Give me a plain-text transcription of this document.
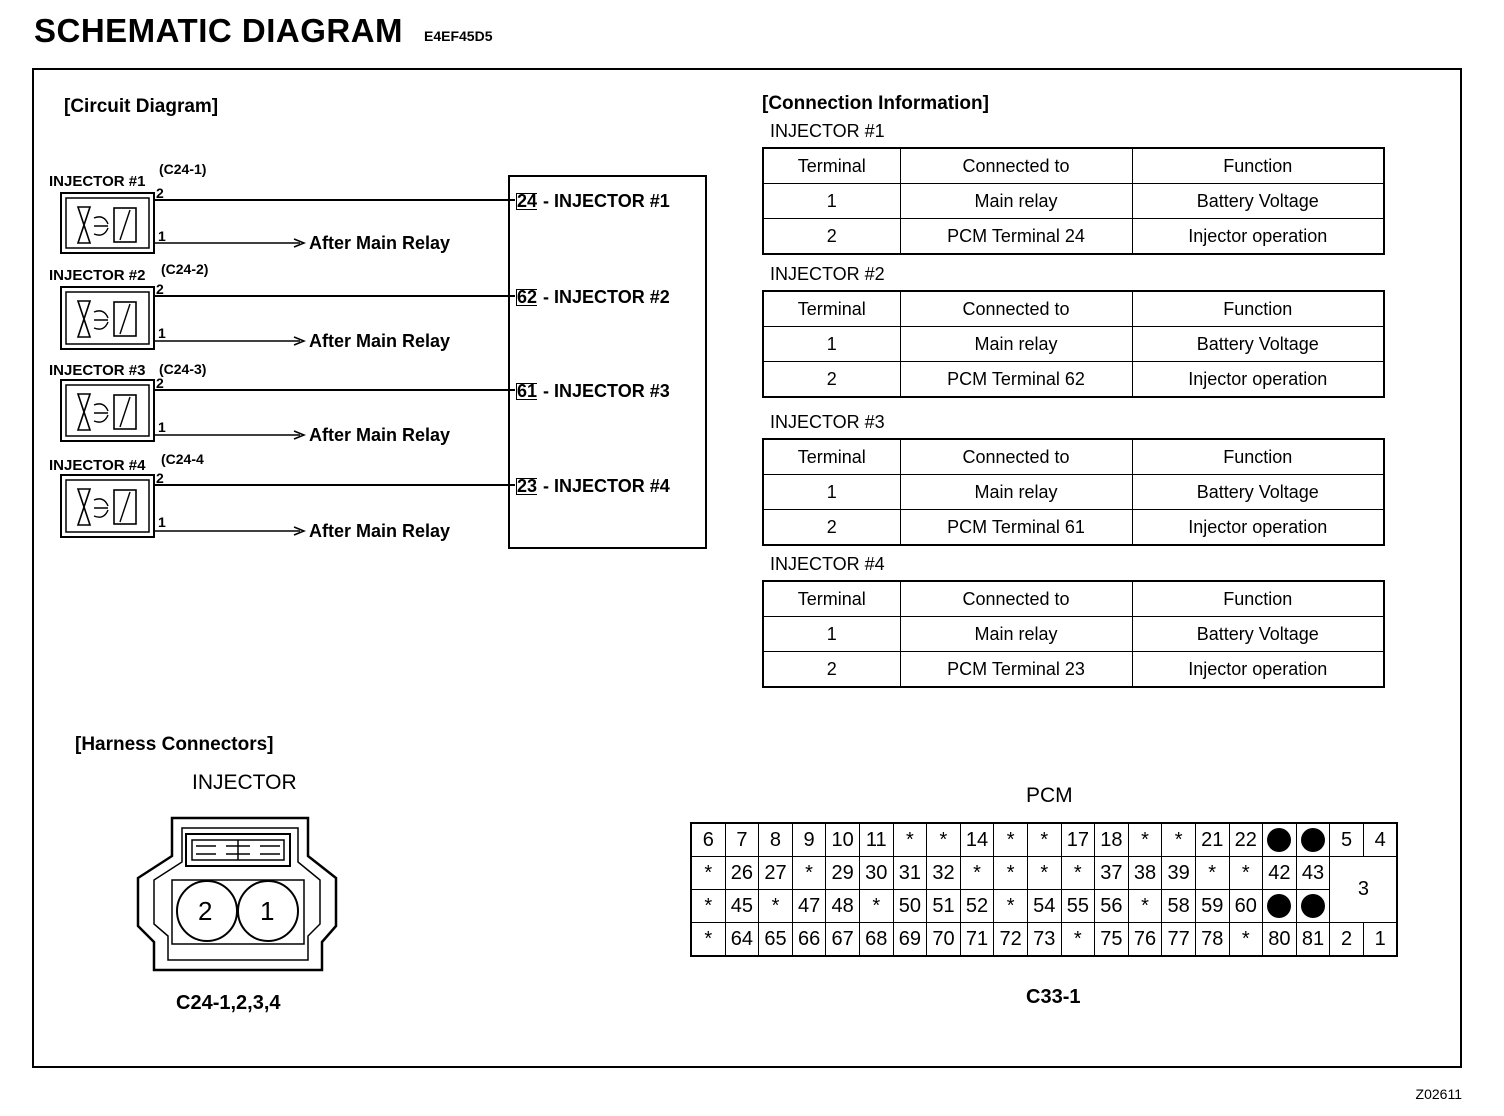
SCHEMATIC DIAGRAM E4EF45D5
[Circuit Diagram]
INJECTOR #1
(C24-1)
2
1	After Main Relay
24 - INJECTOR #1
INJECTOR #2 (C24-2)
2
1	After Main Relay
62 - INJECTOR #2
INJECTOR #3 (C24-3)
2
1	After Main Relay
61 - INJECTOR #3
INJECTOR #4 (C24-4
2
1	After Main Relay
23 - INJECTOR #4
[Connection Information]
INJECTOR #1
Terminal	Connected to	Function
1	Main relay	Battery Voltage
2	PCM Terminal 24	Injector operation
INJECTOR #2
Terminal	Connected to	Function
1	Main relay	Battery Voltage
2	PCM Terminal 62	Injector operation
INJECTOR #3
Terminal	Connected to	Function
1	Main relay	Battery Voltage
2	PCM Terminal 61	Injector operation
INJECTOR #4
Terminal	Connected to	Function
1	Main relay	Battery Voltage
2	PCM Terminal 23	Injector operation
[Harness Connectors]
INJECTOR
2 1
C24-1,2,3,4
PCM
C33-1
6	7	8	9	10	11	*	*	14	*	*	17	18	*	*	21	22			5	4
*	26	27	*	29	30	31	32	*	*	*	*	37	38	39	*	*	42	43	3	
*	45	*	47	48	*	50	51	52	*	54	55	56	*	58	59	60				
*	64	65	66	67	68	69	70	71	72	73	*	75	76	77	78	*	80	81	2	1
Z02611
